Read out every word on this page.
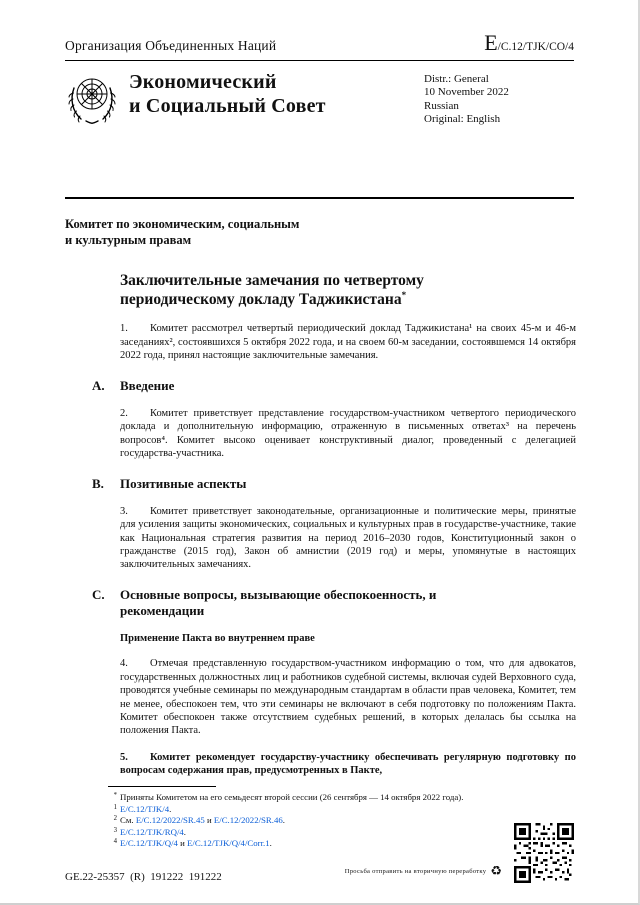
Организация Объединенных Наций	E/C.12/TJK/CO/4
Экономический
и Социальный Совет
Distr.: General
10 November 2022
Russian
Original: English
Комитет по экономическим, социальным
и культурным правам
Заключительные замечания по четвертому
периодическому докладу Таджикистана*

1. Комитет рассмотрел четвертый периодический доклад Таджикистана¹ на своих 45-м и 46-м заседаниях², состоявшихся 5 октября 2022 года, и на своем 60-м заседании, состоявшемся 14 октября 2022 года, принял настоящие заключительные замечания.

A.	Введение

2. Комитет приветствует представление государством-участником четвертого периодического доклада и дополнительную информацию, отраженную в письменных ответах³ на перечень вопросов⁴. Комитет высоко оценивает конструктивный диалог, проведенный с делегацией государства-участника.

B.	Позитивные аспекты

3. Комитет приветствует законодательные, организационные и политические меры, принятые для усиления защиты экономических, социальных и культурных прав в государстве-участнике, такие как Национальная стратегия развития на период 2016–2030 годов, Конституционный закон о гражданстве (2015 год), Закон об амнистии (2019 год) и меры, упомянутые в настоящих заключительных замечаниях.

C.	Основные вопросы, вызывающие обеспокоенность, и рекомендации
Применение Пакта во внутреннем праве

4. Отмечая представленную государством-участником информацию о том, что для адвокатов, государственных должностных лиц и работников судебной системы, включая судей Верховного суда, проводятся учебные семинары по международным стандартам в области прав человека, Комитет, тем не менее, обеспокоен тем, что эти семинары не включают в себя подготовку по положениям Пакта. Комитет обеспокоен также отсутствием судебных решений, в которых делалась бы ссылка на положения Пакта.

5. Комитет рекомендует государству-участнику обеспечивать регулярную подготовку по вопросам содержания прав, предусмотренных в Пакте,

* Приняты Комитетом на его семьдесят второй сессии (26 сентября — 14 октября 2022 года).
1 E/C.12/TJK/4.
2 См. E/C.12/2022/SR.45 и E/C.12/2022/SR.46.
3 E/C.12/TJK/RQ/4.
4 E/C.12/TJK/Q/4 и E/C.12/TJK/Q/4/Corr.1.
GE.22-25357  (R)  191222  191222	Просьба отправить на вторичную переработку ♻
